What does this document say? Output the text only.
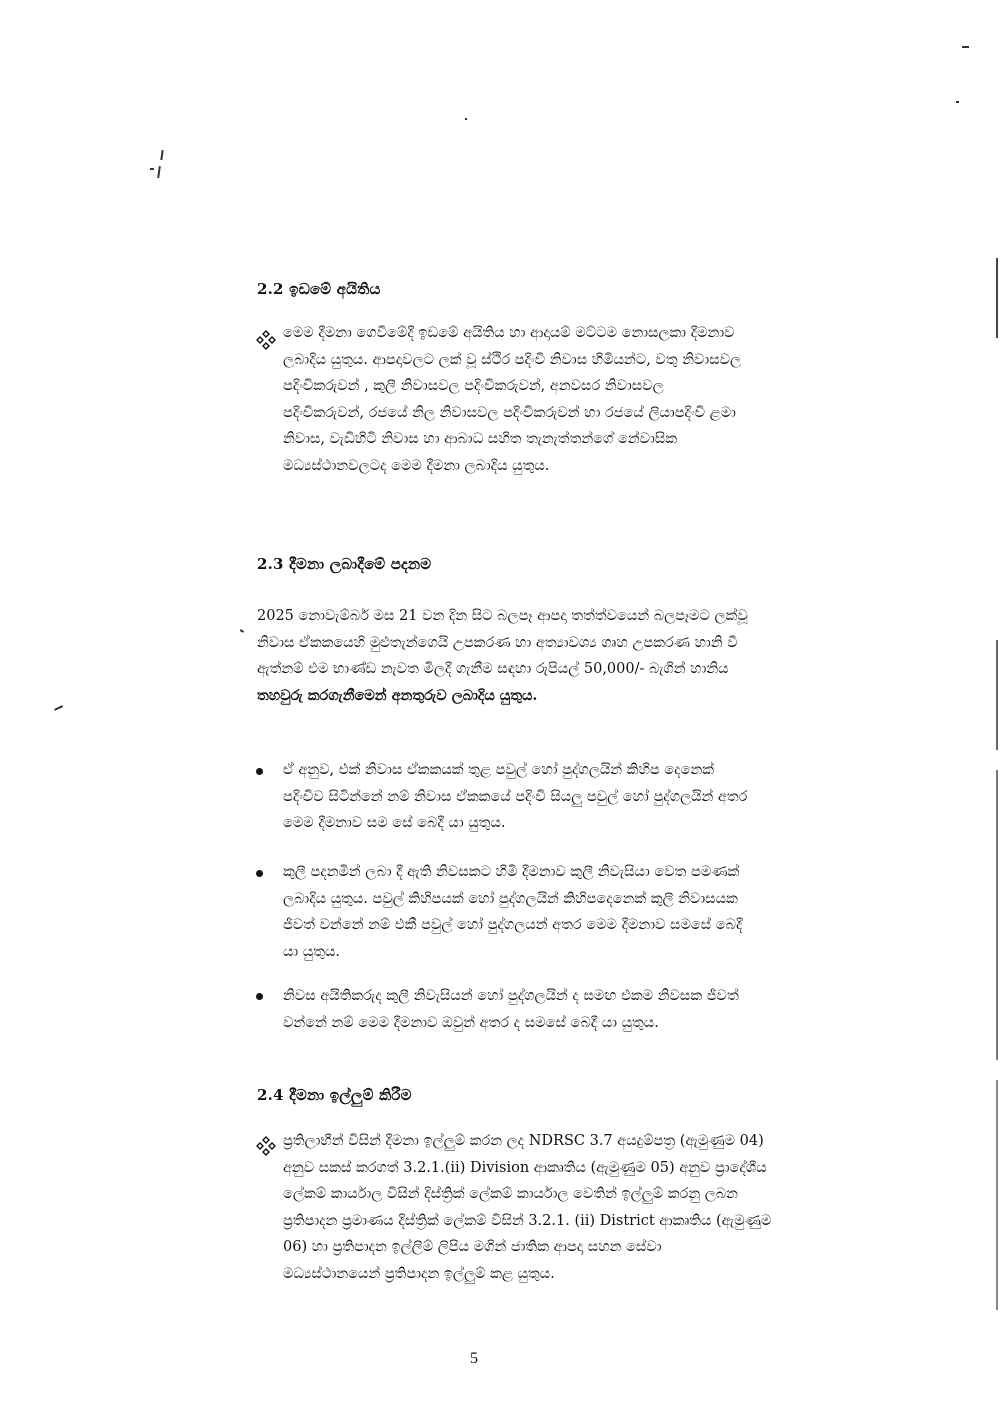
2.2 ඉඩමේ අයිතිය
මෙම දීමනා ගෙවීමේදී ඉඩමේ අයිතිය හා ආදායම් මට්ටම නොසලකා දීමනාව
ලබාදිය යුතුය. ආපදාවලට ලක් වූ ස්ථිර පදිංචි නිවාස හිමියන්ට, වතු නිවාසවල
පදිංචිකරුවන් , කුලී නිවාසවල පදිංචිකරුවන්, අනවසර නිවාසවල
පදිංචිකරුවන්, රජයේ නිල නිවාසවල පදිංචිකරුවන් හා රජයේ ලියාපදිංචි ළමා
නිවාස, වැඩිහිටි නිවාස හා ආබාධ සහිත තැනැත්තන්ගේ නේවාසික
මධ්‍යස්ථානවලටද මෙම දීමනා ලබාදිය යුතුය.
2.3 දීමනා ලබාදීමේ පදනම
2025 නොවැම්බර් මස 21 වන දින සිට බලපෑ ආපදා තත්ත්වයෙන් බලපෑමට ලක්වූ
නිවාස ඒකකයෙහි මුළුතැන්ගෙයි උපකරණ හා අත්‍යාවශ්‍ය ගෘහ උපකරණ හානි වී
ඇත්නම් එම භාණ්ඩ නැවත මිලදී ගැනීම සඳහා රුපියල් 50,000/- බැගින් හානිය
තහවුරු කරගැනීමෙන් අනතුරුව ලබාදිය යුතුය.
ඒ අනුව, එක් නිවාස ඒකකයක් තුළ පවුල් හෝ පුද්ගලයින් කිහිප දෙනෙක්
පදිංචිව සිටින්නේ නම් නිවාස ඒකකයේ පදිංචි සියලු පවුල් හෝ පුද්ගලයින් අතර
මෙම දීමනාව සම සේ බෙදී යා යුතුය.
කුලී පදනමින් ලබා දී ඇති නිවසකට හිමි දීමනාව කුලී නිවැසියා වෙත පමණක්
ලබාදිය යුතුය. පවුල් කිහිපයක් හෝ පුද්ගලයින් කිහිපදෙනෙක් කුලී නිවාසයක
ජීවත් වන්නේ නම් එකී පවුල් හෝ පුද්ගලයන් අතර මෙම දීමනාව සමසේ බෙදී
යා යුතුය.
නිවස අයිතිකරුද කුලී නිවැසියන් හෝ පුද්ගලයින් ද සමඟ එකම නිවසක ජීවත්
වන්නේ නම් මෙම දීමනාව ඔවුන් අතර ද සමසේ බෙදී යා යුතුය.
2.4 දීමනා ඉල්ලුම් කිරීම
ප්‍රතිලාභීන් විසින් දීමනා ඉල්ලුම් කරන ලද NDRSC 3.7 අයදුම්පත්‍ර (ඇමුණුම 04)
අනුව සකස් කරගත් 3.2.1.(ii) Division ආකෘතිය (ඇමුණුම 05) අනුව ප්‍රාදේශීය
ලේකම් කාර්යාල විසින් දිස්ත්‍රික් ලේකම් කාර්යාල වෙතින් ඉල්ලුම් කරනු ලබන
ප්‍රතිපාදන ප්‍රමාණය දිස්ත්‍රික් ලේකම් විසින් 3.2.1. (ii) District ආකෘතිය (ඇමුණුම
06) හා ප්‍රතිපාදන ඉල්ලීම් ලිපිය මගින් ජාතික ආපදා සහන සේවා
මධ්‍යස්ථානයෙන් ප්‍රතිපාදන ඉල්ලුම් කළ යුතුය.
5
